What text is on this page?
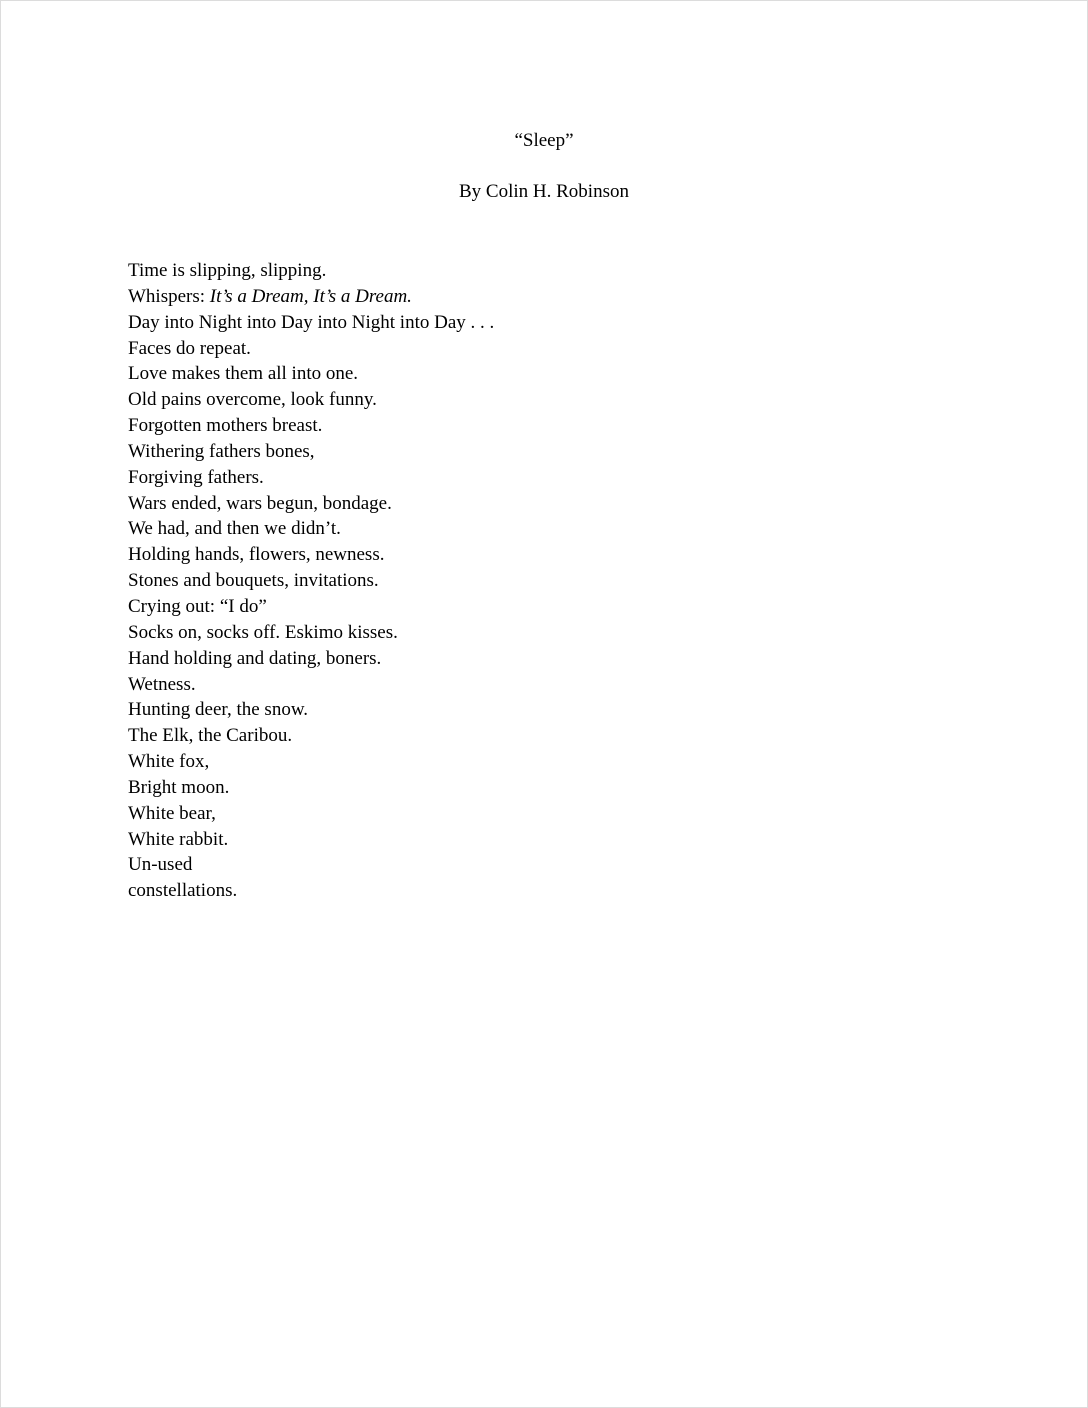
“Sleep”

By Colin H. Robinson

Time is slipping, slipping.
Whispers: It’s a Dream, It’s a Dream.
Day into Night into Day into Night into Day . . .
Faces do repeat.
Love makes them all into one.
Old pains overcome, look funny.
Forgotten mothers breast.
Withering fathers bones,
Forgiving fathers.
Wars ended, wars begun, bondage.
We had, and then we didn’t.
Holding hands, flowers, newness.
Stones and bouquets, invitations.
Crying out: “I do”
Socks on, socks off. Eskimo kisses.
Hand holding and dating, boners.
Wetness.
Hunting deer, the snow.
The Elk, the Caribou.
White fox,
Bright moon.
White bear,
White rabbit.
Un-used
constellations.
